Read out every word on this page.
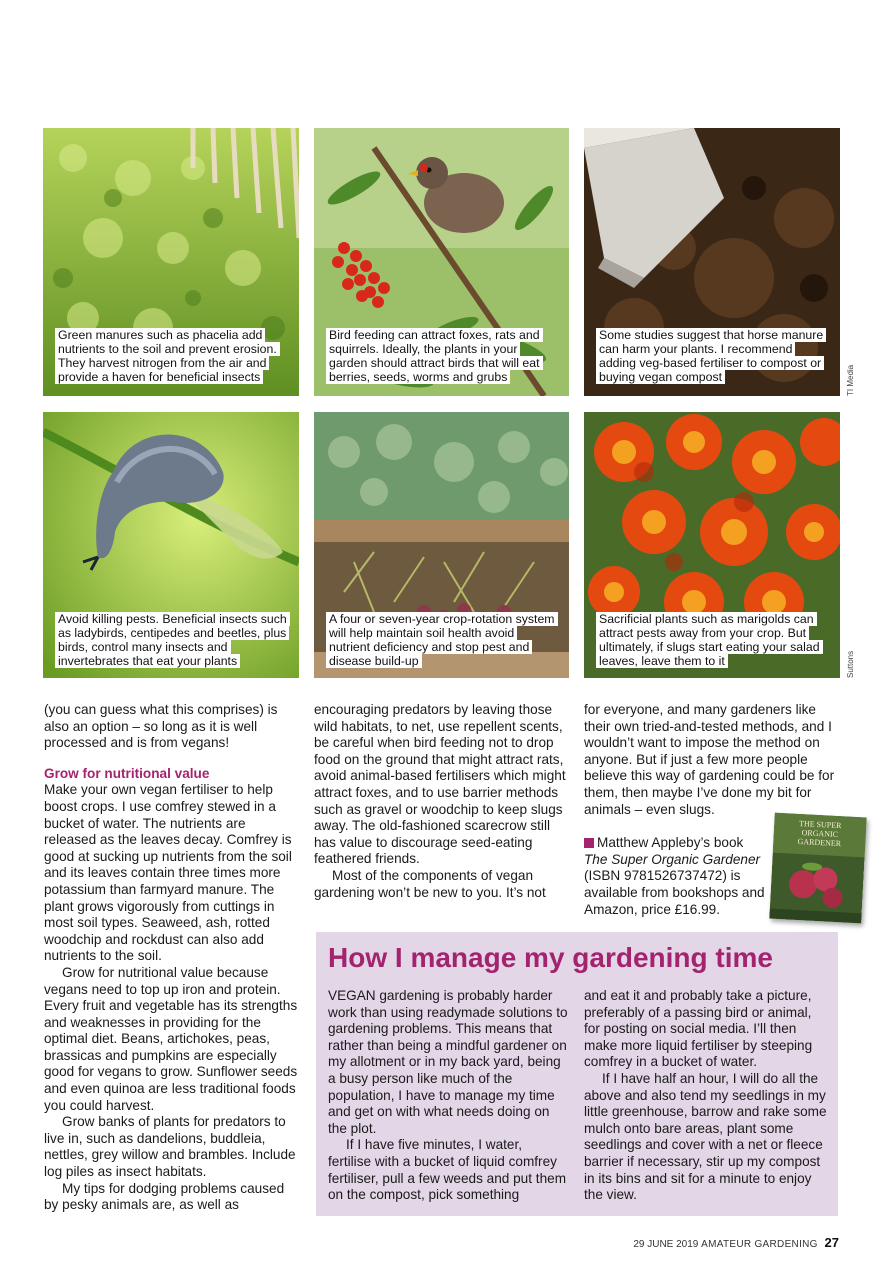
Green manures such as phacelia add nutrients to the soil and prevent erosion. They harvest nitrogen from the air and provide a haven for beneficial insects
Bird feeding can attract foxes, rats and squirrels. Ideally, the plants in your garden should attract birds that will eat berries, seeds, worms and grubs
Some studies suggest that horse manure can harm your plants. I recommend adding veg-based fertiliser to compost or buying vegan compost	TI Media
Avoid killing pests. Beneficial insects such as ladybirds, centipedes and beetles, plus birds, control many insects and invertebrates that eat your plants
A four or seven-year crop-rotation system will help maintain soil health avoid nutrient deficiency and stop pest and disease build-up
Sacrificial plants such as marigolds can attract pests away from your crop. But ultimately, if slugs start eating your salad leaves, leave them to it	Suttons

(you can guess what this comprises) is also an option – so long as it is well processed and is from vegans!

Grow for nutritional value

Make your own vegan fertiliser to help boost crops. I use comfrey stewed in a bucket of water. The nutrients are released as the leaves decay. Comfrey is good at sucking up nutrients from the soil and its leaves contain three times more potassium than farmyard manure. The plant grows vigorously from cuttings in most soil types. Seaweed, ash, rotted woodchip and rockdust can also add nutrients to the soil.

Grow for nutritional value because vegans need to top up iron and protein. Every fruit and vegetable has its strengths and weaknesses in providing for the optimal diet. Beans, artichokes, peas, brassicas and pumpkins are especially good for vegans to grow. Sunflower seeds and even quinoa are less traditional foods you could harvest.

Grow banks of plants for predators to live in, such as dandelions, buddleia, nettles, grey willow and brambles. Include log piles as insect habitats.

My tips for dodging problems caused by pesky animals are, as well as

encouraging predators by leaving those wild habitats, to net, use repellent scents, be careful when bird feeding not to drop food on the ground that might attract rats, avoid animal-based fertilisers which might attract foxes, and to use barrier methods such as gravel or woodchip to keep slugs away. The old-fashioned scarecrow still has value to discourage seed-eating feathered friends.

Most of the components of vegan gardening won’t be new to you. It’s not

for everyone, and many gardeners like their own tried-and-tested methods, and I wouldn’t want to impose the method on anyone. But if just a few more people believe this way of gardening could be for them, then maybe I’ve done my bit for animals – even slugs.

Matthew Appleby’s book
The Super Organic Gardener (ISBN 9781526737472) is available from bookshops and Amazon, price £16.99.

THE SUPER
ORGANIC
GARDENER
How I manage my gardening time

VEGAN gardening is probably harder work than using readymade solutions to gardening problems. This means that rather than being a mindful gardener on my allotment or in my back yard, being a busy person like much of the population, I have to manage my time and get on with what needs doing on the plot.

If I have five minutes, I water, fertilise with a bucket of liquid comfrey fertiliser, pull a few weeds and put them on the compost, pick something

and eat it and probably take a picture, preferably of a passing bird or animal, for posting on social media. I’ll then make more liquid fertiliser by steeping comfrey in a bucket of water.

If I have half an hour, I will do all the above and also tend my seedlings in my little greenhouse, barrow and rake some mulch onto bare areas, plant some seedlings and cover with a net or fleece barrier if necessary, stir up my compost in its bins and sit for a minute to enjoy the view.

29 JUNE 2019 AMATEUR GARDENING 27
